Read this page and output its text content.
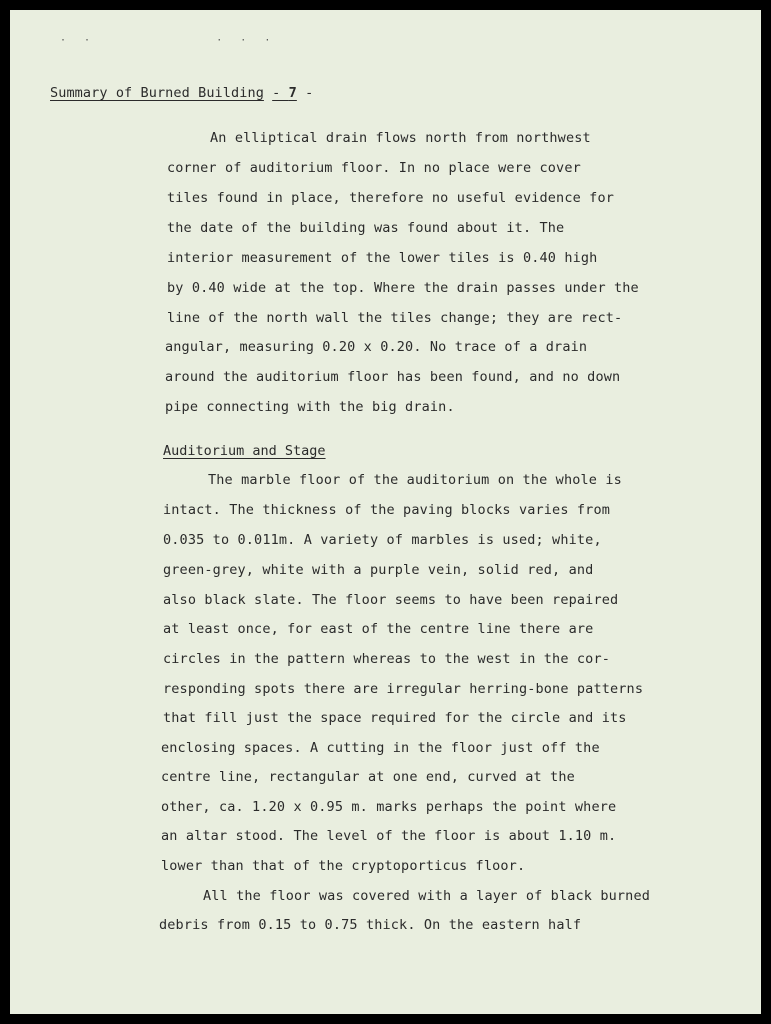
· ·          · · ·
Summary of Burned Building - 7 -
An elliptical drain flows north from northwest
corner of auditorium floor. In no place were cover
tiles found in place, therefore no useful evidence for
the date of the building was found about it. The
interior measurement of the lower tiles is 0.40 high
by 0.40 wide at the top. Where the drain passes under the
line of the north wall the tiles change; they are rect-
angular, measuring 0.20 x 0.20. No trace of a drain
around the auditorium floor has been found, and no down
pipe connecting with the big drain.
Auditorium and Stage
The marble floor of the auditorium on the whole is
intact. The thickness of the paving blocks varies from
0.035 to 0.011m. A variety of marbles is used; white,
green-grey, white with a purple vein, solid red, and
also black slate. The floor seems to have been repaired
at least once, for east of the centre line there are
circles in the pattern whereas to the west in the cor-
responding spots there are irregular herring-bone patterns
that fill just the space required for the circle and its
enclosing spaces. A cutting in the floor just off the
centre line, rectangular at one end, curved at the
other, ca. 1.20 x 0.95 m. marks perhaps the point where
an altar stood. The level of the floor is about 1.10 m.
lower than that of the cryptoporticus floor.
All the floor was covered with a layer of black burned
debris from 0.15 to 0.75 thick. On the eastern half
